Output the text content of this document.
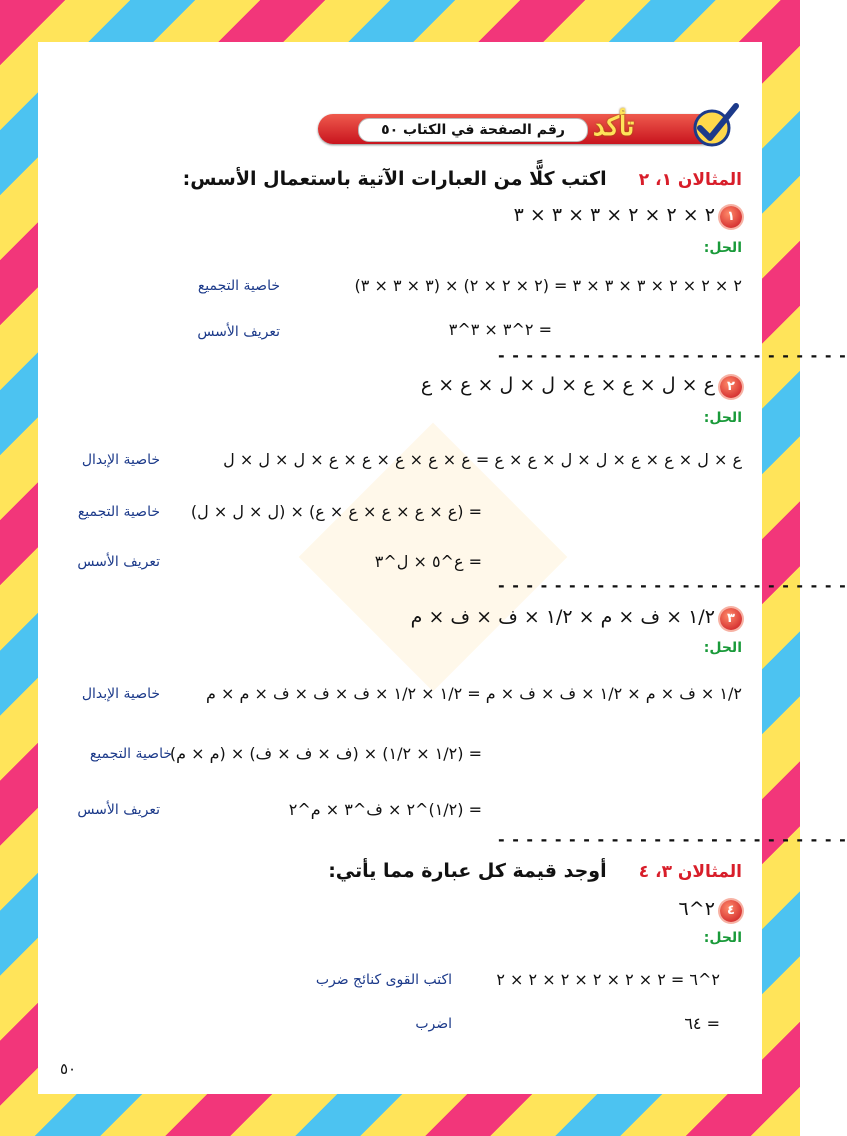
رقم الصفحة في الكتاب ٥٠	تأكد
المثالان ١، ٢  اكتب كلًّا من العبارات الآتية باستعمال الأسس:
١ ٢ × ٢ × ٢ × ٣ × ٣ × ٣
الحل:
٢ × ٢ × ٢ × ٣ × ٣ × ٣ = (٢ × ٢ × ٢) × (٣ × ٣ × ٣)
خاصية التجميع
= ٢^٣ × ٣^٣
تعريف الأسس
- - - - - - - - - - - - - - - - - - - - - - - - -
٢ ع × ل × ع × ع × ل × ل × ع × ع
الحل:
ع × ل × ع × ع × ل × ل × ع × ع = ع × ع × ع × ع × ع × ل × ل × ل
خاصية الإبدال
= (ع × ع × ع × ع × ع) × (ل × ل × ل)
خاصية التجميع
= ع^٥ × ل^٣
تعريف الأسس
- - - - - - - - - - - - - - - - - - - - - - - - -
٣ ١/٢ × ف × م × ١/٢ × ف × ف × م
الحل:
١/٢ × ف × م × ١/٢ × ف × ف × م = ١/٢ × ١/٢ × ف × ف × ف × م × م
خاصية الإبدال
= (١/٢ × ١/٢) × (ف × ف × ف) × (م × م)
خاصية التجميع
= (١/٢)^٢ × ف^٣ × م^٢
تعريف الأسس
- - - - - - - - - - - - - - - - - - - - - - - - -
المثالان ٣، ٤  أوجد قيمة كل عبارة مما يأتي:
٤ ٢^٦
الحل:
٢^٦ = ٢ × ٢ × ٢ × ٢ × ٢ × ٢
اكتب القوى كنائج ضرب
= ٦٤
اضرب
٥٠
